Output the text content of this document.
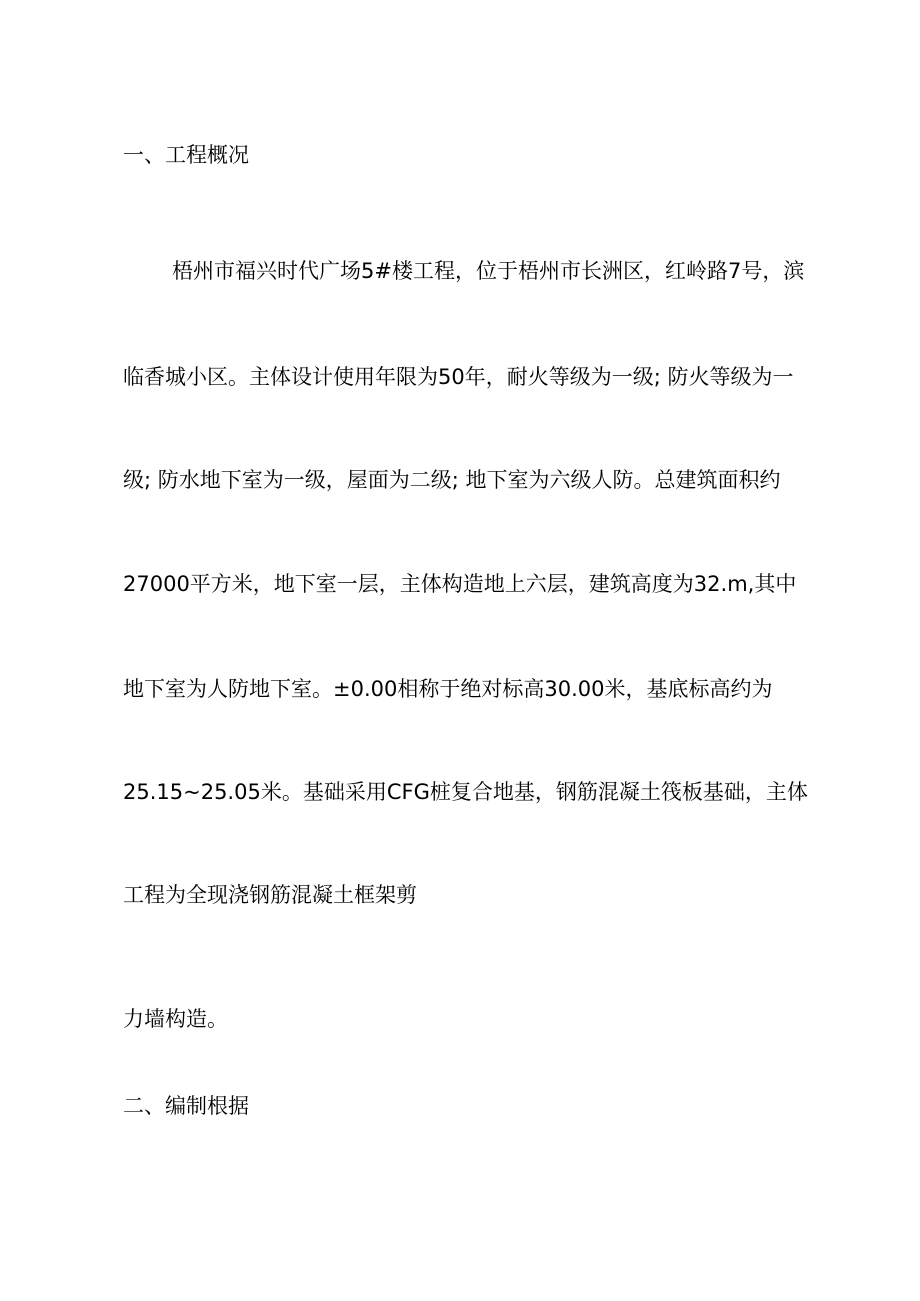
一、工程概况
梧州市福兴时代广场5#楼工程，位于梧州市长洲区，红岭路7号，滨
临香城小区。主体设计使用年限为50年，耐火等级为一级; 防火等级为一
级; 防水地下室为一级，屋面为二级; 地下室为六级人防。总建筑面积约
27000平方米，地下室一层，主体构造地上六层，建筑高度为32.m,其中
地下室为人防地下室。±0.00相称于绝对标高30.00米，基底标高约为
25.15~25.05米。基础采用CFG桩复合地基，钢筋混凝土筏板基础，主体
工程为全现浇钢筋混凝土框架剪
力墙构造。
二、编制根据
